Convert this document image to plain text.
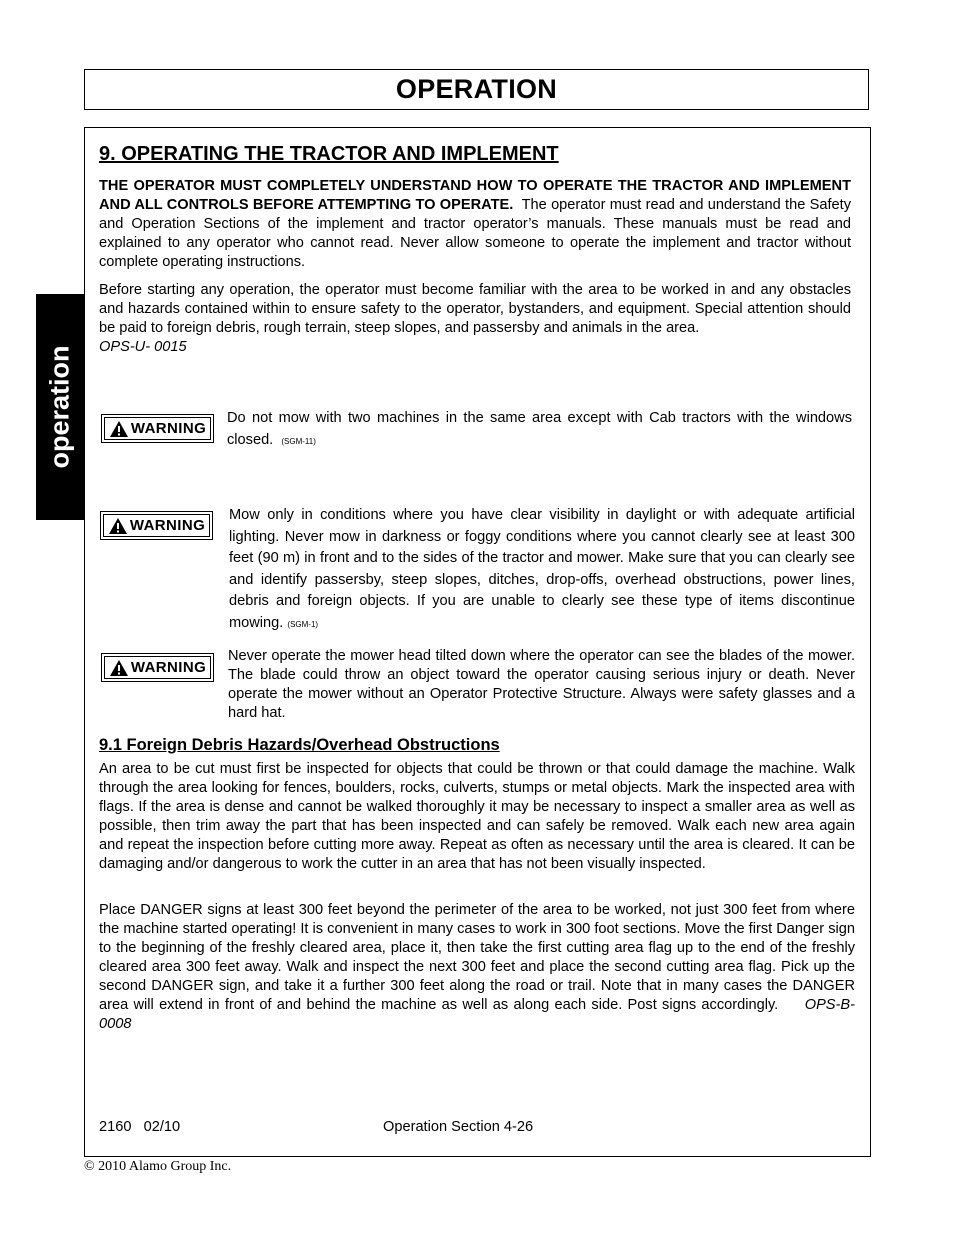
OPERATION
operation
9. OPERATING THE TRACTOR AND IMPLEMENT
THE OPERATOR MUST COMPLETELY UNDERSTAND HOW TO OPERATE THE TRACTOR AND IMPLEMENT AND ALL CONTROLS BEFORE ATTEMPTING TO OPERATE. The operator must read and understand the Safety and Operation Sections of the implement and tractor operator’s manuals. These manuals must be read and explained to any operator who cannot read. Never allow someone to operate the implement and tractor without complete operating instructions.
Before starting any operation, the operator must become familiar with the area to be worked in and any obstacles and hazards contained within to ensure safety to the operator, bystanders, and equipment. Special attention should be paid to foreign debris, rough terrain, steep slopes, and passersby and animals in the area.
OPS-U- 0015
WARNING
Do not mow with two machines in the same area except with Cab tractors with the windows closed. (SGM-11)
WARNING
Mow only in conditions where you have clear visibility in daylight or with adequate artificial lighting. Never mow in darkness or foggy conditions where you cannot clearly see at least 300 feet (90 m) in front and to the sides of the tractor and mower. Make sure that you can clearly see and identify passersby, steep slopes, ditches, drop-offs, overhead obstructions, power lines, debris and foreign objects. If you are unable to clearly see these type of items discontinue mowing. (SGM-1)
WARNING
Never operate the mower head tilted down where the operator can see the blades of the mower. The blade could throw an object toward the operator causing serious injury or death. Never operate the mower without an Operator Protective Structure. Always were safety glasses and a hard hat.
9.1 Foreign Debris Hazards/Overhead Obstructions
An area to be cut must first be inspected for objects that could be thrown or that could damage the machine. Walk through the area looking for fences, boulders, rocks, culverts, stumps or metal objects. Mark the inspected area with flags. If the area is dense and cannot be walked thoroughly it may be necessary to inspect a smaller area as well as possible, then trim away the part that has been inspected and can safely be removed. Walk each new area again and repeat the inspection before cutting more away. Repeat as often as necessary until the area is cleared. It can be damaging and/or dangerous to work the cutter in an area that has not been visually inspected.
Place DANGER signs at least 300 feet beyond the perimeter of the area to be worked, not just 300 feet from where the machine started operating! It is convenient in many cases to work in 300 foot sections. Move the first Danger sign to the beginning of the freshly cleared area, place it, then take the first cutting area flag up to the end of the freshly cleared area 300 feet away. Walk and inspect the next 300 feet and place the second cutting area flag. Pick up the second DANGER sign, and take it a further 300 feet along the road or trail. Note that in many cases the DANGER area will extend in front of and behind the machine as well as along each side. Post signs accordingly. OPS-B- 0008
2160   02/10	Operation Section 4-26
© 2010 Alamo Group Inc.
